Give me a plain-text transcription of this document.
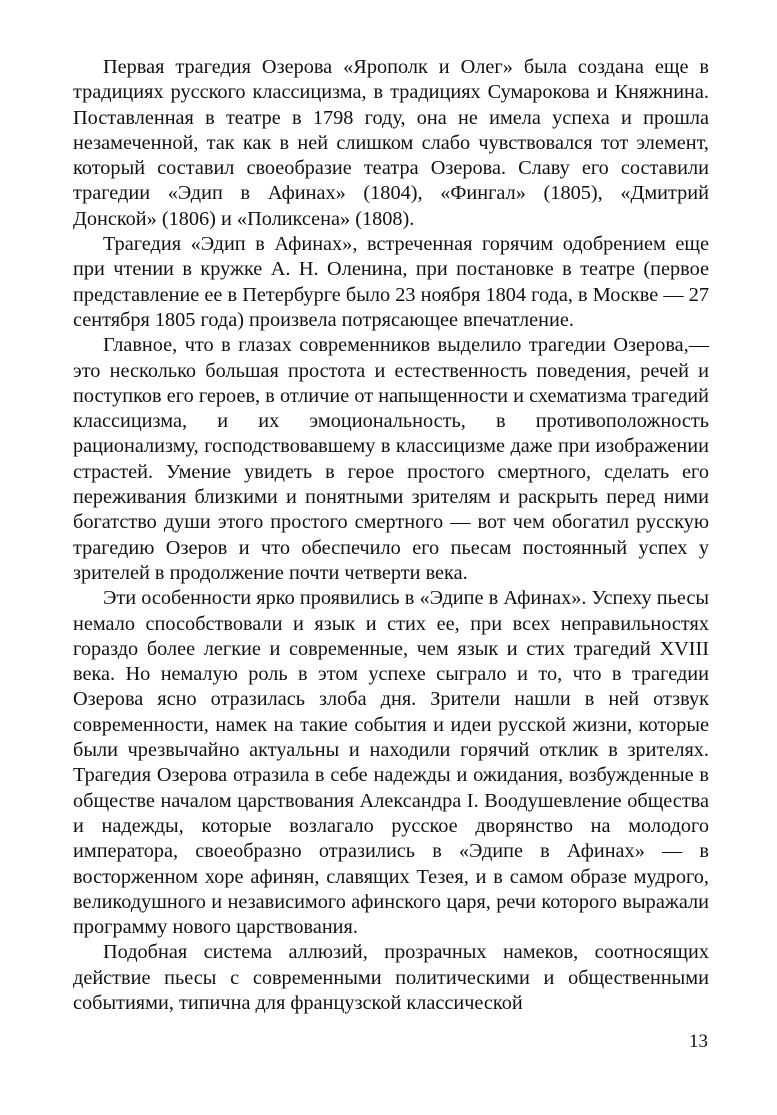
Первая трагедия Озерова «Ярополк и Олег» была создана еще в традициях русского классицизма, в традициях Сумарокова и Княжнина. Поставленная в театре в 1798 году, она не имела успеха и прошла незамеченной, так как в ней слишком слабо чувствовался тот элемент, который составил своеобразие театра Озерова. Славу его составили трагедии «Эдип в Афинах» (1804), «Фингал» (1805), «Дмитрий Донской» (1806) и «Поликсена» (1808).

Трагедия «Эдип в Афинах», встреченная горячим одобрением еще при чтении в кружке А. Н. Оленина, при постановке в театре (первое представление ее в Петербурге было 23 ноября 1804 года, в Москве — 27 сентября 1805 года) произвела потрясающее впечатление.

Главное, что в глазах современников выделило трагедии Озерова,— это несколько большая простота и естественность поведения, речей и поступков его героев, в отличие от напыщенности и схематизма трагедий классицизма, и их эмоциональность, в противоположность рационализму, господствовавшему в классицизме даже при изображении страстей. Умение увидеть в герое простого смертного, сделать его переживания близкими и понятными зрителям и раскрыть перед ними богатство души этого простого смертного — вот чем обогатил русскую трагедию Озеров и что обеспечило его пьесам постоянный успех у зрителей в продолжение почти четверти века.

Эти особенности ярко проявились в «Эдипе в Афинах». Успеху пьесы немало способствовали и язык и стих ее, при всех неправильностях гораздо более легкие и современные, чем язык и стих трагедий XVIII века. Но немалую роль в этом успехе сыграло и то, что в трагедии Озерова ясно отразилась злоба дня. Зрители нашли в ней отзвук современности, намек на такие события и идеи русской жизни, которые были чрезвычайно актуальны и находили горячий отклик в зрителях. Трагедия Озерова отразила в себе надежды и ожидания, возбужденные в обществе началом царствования Александра I. Воодушевление общества и надежды, которые возлагало русское дворянство на молодого императора, своеобразно отразились в «Эдипе в Афинах» — в восторженном хоре афинян, славящих Тезея, и в самом образе мудрого, великодушного и независимого афинского царя, речи которого выражали программу нового царствования.

Подобная система аллюзий, прозрачных намеков, соотносящих действие пьесы с современными политическими и общественными событиями, типична для французской классической

13
